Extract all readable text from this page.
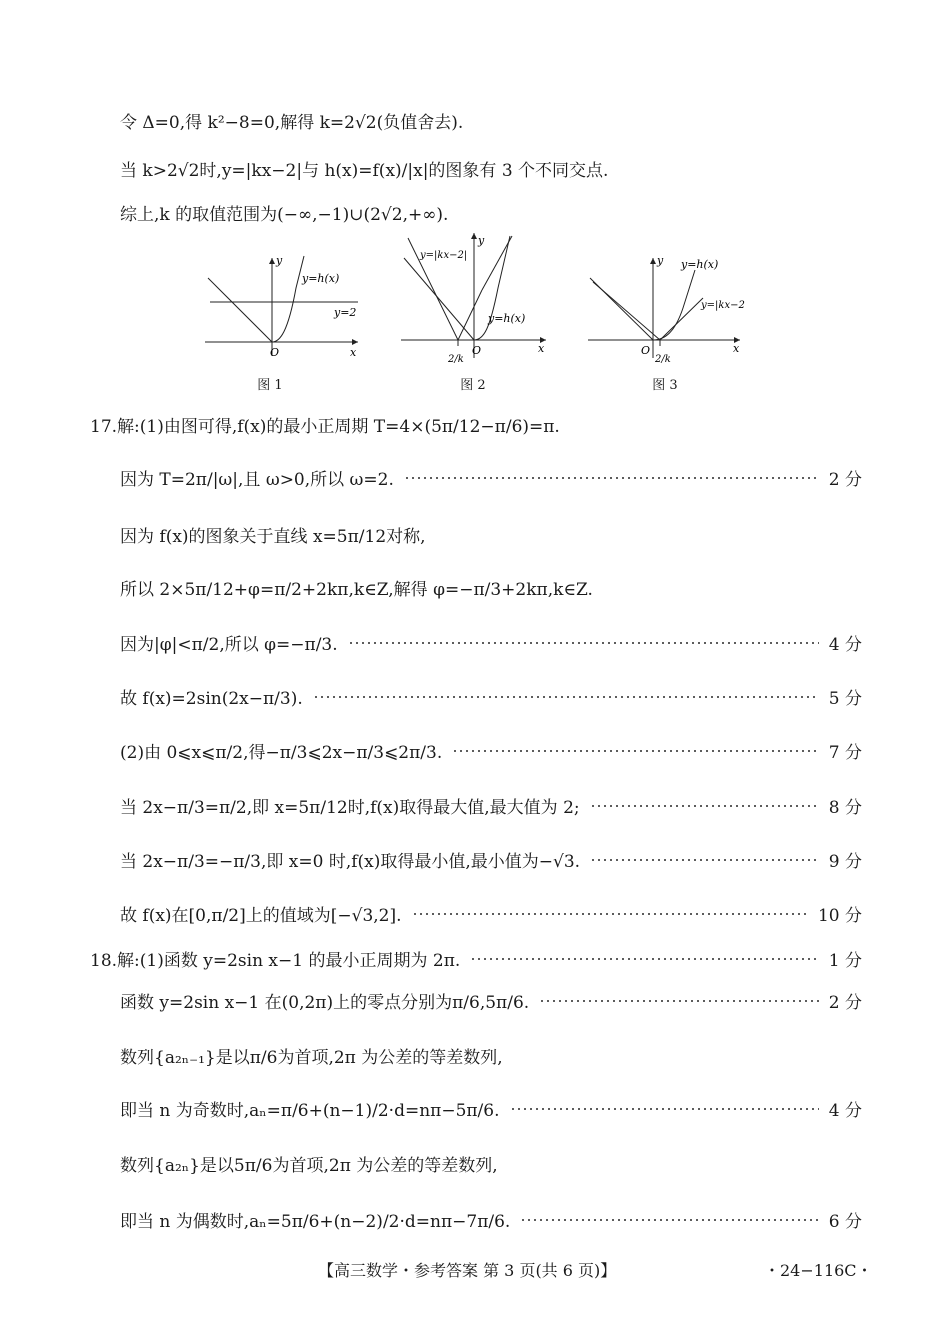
令 Δ=0,得 k²−8=0,解得 k=2√2(负值舍去).
当 k>2√2时,y=|kx−2|与 h(x)=f(x)/|x|的图象有 3 个不同交点.
综上,k 的取值范围为(−∞,−1)∪(2√2,+∞).
y
x
O
y=h(x)
y=2
图 1
y
x
O
y=|kx−2|
y=h(x)
2/k
图 2
y
x
O
y=h(x)
y=|kx−2|
2/k
图 3
17.解:(1)由图可得,f(x)的最小正周期 T=4×(5π/12−π/6)=π.
因为 T=2π/|ω|,且 ω>0,所以 ω=2.	2 分
因为 f(x)的图象关于直线 x=5π/12对称,
所以 2×5π/12+φ=π/2+2kπ,k∈Z,解得 φ=−π/3+2kπ,k∈Z.
因为|φ|<π/2,所以 φ=−π/3.	4 分
故 f(x)=2sin(2x−π/3).	5 分
(2)由 0⩽x⩽π/2,得−π/3⩽2x−π/3⩽2π/3.	7 分
当 2x−π/3=π/2,即 x=5π/12时,f(x)取得最大值,最大值为 2;	8 分
当 2x−π/3=−π/3,即 x=0 时,f(x)取得最小值,最小值为−√3.	9 分
故 f(x)在[0,π/2]上的值域为[−√3,2].	10 分
18.解:(1)函数 y=2sin x−1 的最小正周期为 2π.	1 分
函数 y=2sin x−1 在(0,2π)上的零点分别为π/6,5π/6.	2 分
数列{a₂ₙ₋₁}是以π/6为首项,2π 为公差的等差数列,
即当 n 为奇数时,aₙ=π/6+(n−1)/2·d=nπ−5π/6.	4 分
数列{a₂ₙ}是以5π/6为首项,2π 为公差的等差数列,
即当 n 为偶数时,aₙ=5π/6+(n−2)/2·d=nπ−7π/6.	6 分
【高三数学・参考答案 第 3 页(共 6 页)】	・24−116C・
